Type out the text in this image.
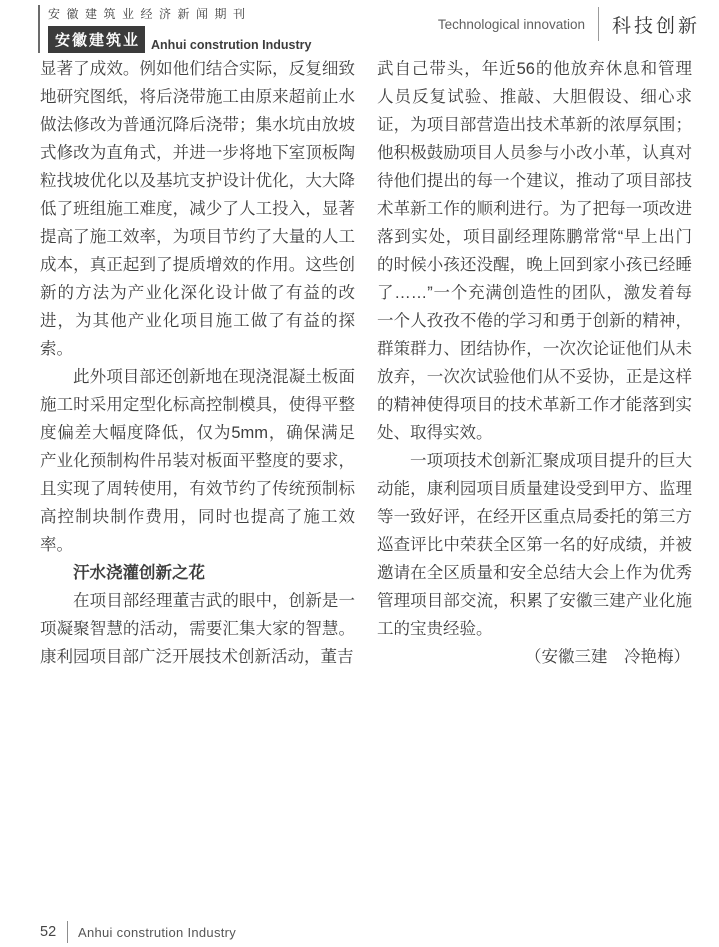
安徽建筑业经济新闻期刊
安徽建筑业 Anhui constrution Industry
Technological innovation 科技创新

显著了成效。例如他们结合实际，反复细致地研究图纸，将后浇带施工由原来超前止水做法修改为普通沉降后浇带；集水坑由放坡式修改为直角式，并进一步将地下室顶板陶粒找坡优化以及基坑支护设计优化，大大降低了班组施工难度，减少了人工投入，显著提高了施工效率，为项目节约了大量的人工成本，真正起到了提质增效的作用。这些创新的方法为产业化深化设计做了有益的改进，为其他产业化项目施工做了有益的探索。

此外项目部还创新地在现浇混凝土板面施工时采用定型化标高控制模具，使得平整度偏差大幅度降低，仅为5mm，确保满足产业化预制构件吊装对板面平整度的要求，且实现了周转使用，有效节约了传统预制标高控制块制作费用，同时也提高了施工效率。

汗水浇灌创新之花

在项目部经理董吉武的眼中，创新是一项凝聚智慧的活动，需要汇集大家的智慧。康利园项目部广泛开展技术创新活动，董吉

武自己带头，年近56的他放弃休息和管理人员反复试验、推敲、大胆假设、细心求证，为项目部营造出技术革新的浓厚氛围；他积极鼓励项目人员参与小改小革，认真对待他们提出的每一个建议，推动了项目部技术革新工作的顺利进行。为了把每一项改进落到实处，项目副经理陈鹏常常“早上出门的时候小孩还没醒，晚上回到家小孩已经睡了……”一个充满创造性的团队，激发着每一个人孜孜不倦的学习和勇于创新的精神，群策群力、团结协作，一次次论证他们从未放弃，一次次试验他们从不妥协，正是这样的精神使得项目的技术革新工作才能落到实处、取得实效。

一项项技术创新汇聚成项目提升的巨大动能，康利园项目质量建设受到甲方、监理等一致好评，在经开区重点局委托的第三方巡查评比中荣获全区第一名的好成绩，并被邀请在全区质量和安全总结大会上作为优秀管理项目部交流，积累了安徽三建产业化施工的宝贵经验。

（安徽三建　冷艳梅）

52	Anhui constrution Industry
